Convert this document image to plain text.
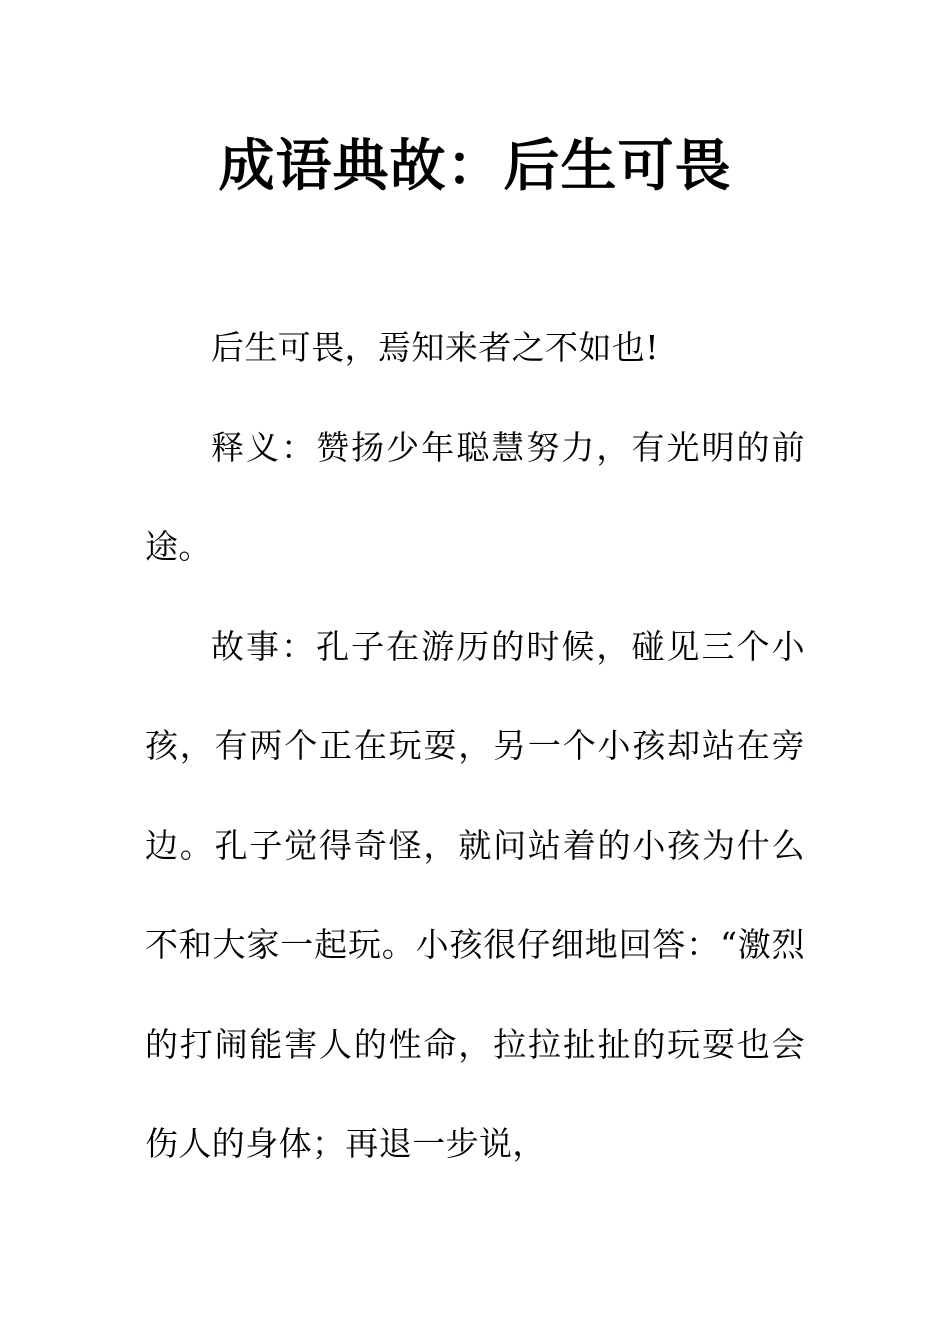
成语典故：后生可畏

后生可畏，焉知来者之不如也!

释义：赞扬少年聪慧努力，有光明的前途。

故事：孔子在游历的时候，碰见三个小孩，有两个正在玩耍，另一个小孩却站在旁边。孔子觉得奇怪，就问站着的小孩为什么不和大家一起玩。小孩很仔细地回答：“激烈的打闹能害人的性命，拉拉扯扯的玩耍也会伤人的身体；再退一步说，
